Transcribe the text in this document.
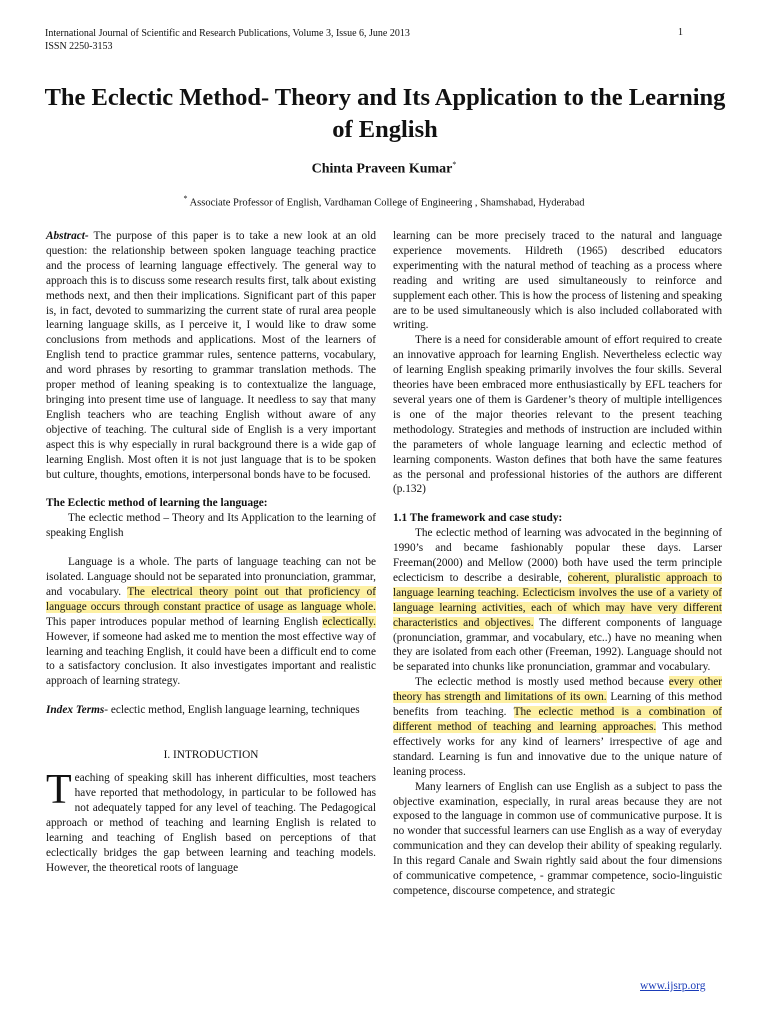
International Journal of Scientific and Research Publications, Volume 3, Issue 6, June 2013
ISSN 2250-3153
1
The Eclectic Method- Theory and Its Application to the Learning of English
Chinta Praveen Kumar*
* Associate Professor of English, Vardhaman College of Engineering , Shamshabad, Hyderabad

Abstract- The purpose of this paper is to take a new look at an old question: the relationship between spoken language teaching practice and the process of learning language effectively. The general way to approach this is to discuss some research results first, talk about existing methods next, and then their implications. Significant part of this paper is, in fact, devoted to summarizing the current state of rural area people learning language skills, as I perceive it, I would like to draw some conclusions from methods and applications. Most of the learners of English tend to practice grammar rules, sentence patterns, vocabulary, and word phrases by resorting to grammar translation methods. The proper method of leaning speaking is to contextualize the language, bringing into present time use of language. It needless to say that many English teachers who are teaching English without aware of any objective of teaching. The cultural side of English is a very important aspect this is why especially in rural background there is a wide gap of learning English. Most often it is not just language that is to be spoken but culture, thoughts, emotions, interpersonal bonds have to be focused.

The Eclectic method of learning the language:

The eclectic method – Theory and Its Application to the learning of speaking English

Language is a whole. The parts of language teaching can not be isolated. Language should not be separated into pronunciation, grammar, and vocabulary. The electrical theory point out that proficiency of language occurs through constant practice of usage as language whole. This paper introduces popular method of learning English eclectically. However, if someone had asked me to mention the most effective way of learning and teaching English, it could have been a difficult end to come to a satisfactory conclusion. It also investigates important and realistic approach of learning strategy.

Index Terms- eclectic method, English language learning, techniques

I. INTRODUCTION

Teaching of speaking skill has inherent difficulties, most teachers have reported that methodology, in particular to be followed has not adequately tapped for any level of teaching. The Pedagogical approach or method of teaching and learning English is related to learning and teaching of English based on perceptions of that eclectically bridges the gap between learning and teaching models. However, the theoretical roots of language

learning can be more precisely traced to the natural and language experience movements. Hildreth (1965) described educators experimenting with the natural method of teaching as a process where reading and writing are used simultaneously to reinforce and supplement each other. This is how the process of listening and speaking are to be used simultaneously which is also included collaborated with writing.

There is a need for considerable amount of effort required to create an innovative approach for learning English. Nevertheless eclectic way of learning English speaking primarily involves the four skills. Several theories have been embraced more enthusiastically by EFL teachers for several years one of them is Gardener’s theory of multiple intelligences is one of the major theories relevant to the present teaching methodology. Strategies and methods of instruction are included within the parameters of whole language learning and eclectic method of learning components. Waston defines that both have the same features as the personal and professional histories of the authors are different (p.132)

1.1 The framework and case study:

The eclectic method of learning was advocated in the beginning of 1990’s and became fashionably popular these days. Larser Freeman(2000) and Mellow (2000) both have used the term principle eclecticism to describe a desirable, coherent, pluralistic approach to language learning teaching. Eclecticism involves the use of a variety of language learning activities, each of which may have very different characteristics and objectives. The different components of language (pronunciation, grammar, and vocabulary, etc..) have no meaning when they are isolated from each other (Freeman, 1992). Language should not be separated into chunks like pronunciation, grammar and vocabulary.

The eclectic method is mostly used method because every other theory has strength and limitations of its own. Learning of this method benefits from teaching. The eclectic method is a combination of different method of teaching and learning approaches. This method effectively works for any kind of learners’ irrespective of age and standard. Learning is fun and innovative due to the unique nature of leaning process.

Many learners of English can use English as a subject to pass the objective examination, especially, in rural areas because they are not exposed to the language in common use of communicative purpose. It is no wonder that successful learners can use English as a way of everyday communication and they can develop their ability of speaking regularly. In this regard Canale and Swain rightly said about the four dimensions of communicative competence, - grammar competence, socio-linguistic competence, discourse competence, and strategic

www.ijsrp.org
